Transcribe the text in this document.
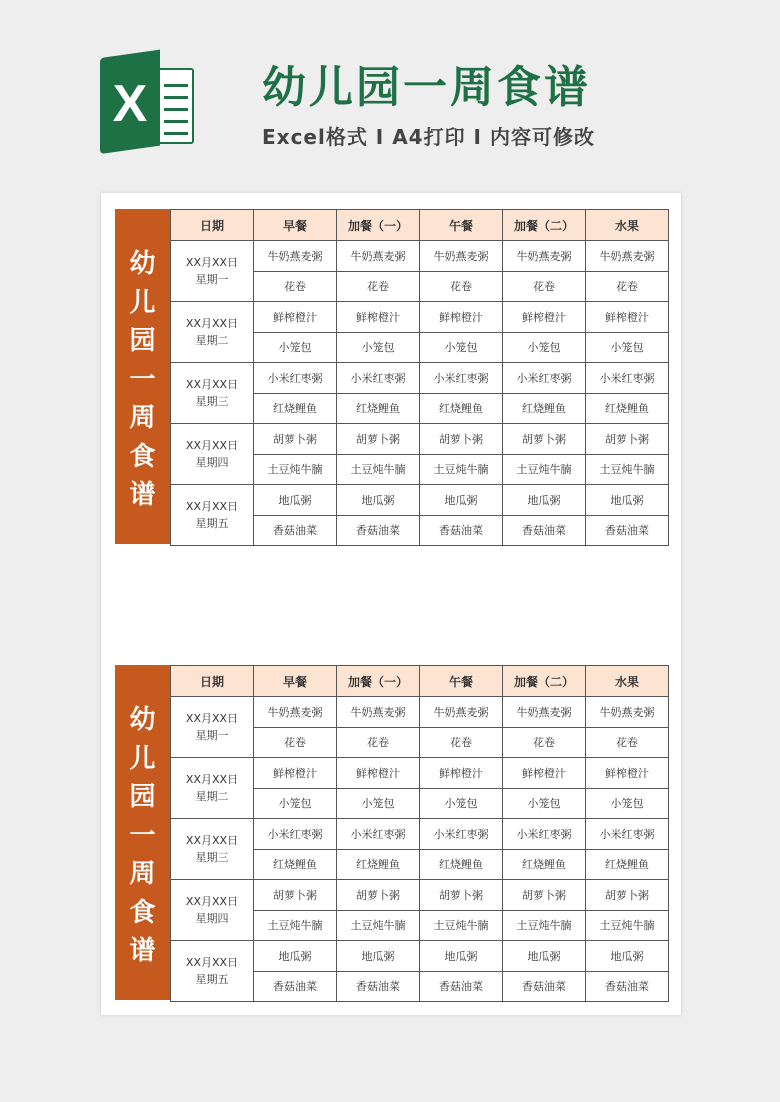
X	幼儿园一周食谱
Excel格式 I A4打印 I 内容可修改
幼
儿
园
一
周
食
谱
日期	早餐	加餐（一）	午餐	加餐（二）	水果

XX月XX日
星期一	牛奶燕麦粥	牛奶燕麦粥	牛奶燕麦粥	牛奶燕麦粥	牛奶燕麦粥
	花卷	花卷	花卷	花卷	花卷

XX月XX日
星期二	鲜榨橙汁	鲜榨橙汁	鲜榨橙汁	鲜榨橙汁	鲜榨橙汁
	小笼包	小笼包	小笼包	小笼包	小笼包

XX月XX日
星期三	小米红枣粥	小米红枣粥	小米红枣粥	小米红枣粥	小米红枣粥
	红烧鲤鱼	红烧鲤鱼	红烧鲤鱼	红烧鲤鱼	红烧鲤鱼

XX月XX日
星期四	胡萝卜粥	胡萝卜粥	胡萝卜粥	胡萝卜粥	胡萝卜粥
	土豆炖牛腩	土豆炖牛腩	土豆炖牛腩	土豆炖牛腩	土豆炖牛腩

XX月XX日
星期五	地瓜粥	地瓜粥	地瓜粥	地瓜粥	地瓜粥
	香菇油菜	香菇油菜	香菇油菜	香菇油菜	香菇油菜
幼
儿
园
一
周
食
谱
日期	早餐	加餐（一）	午餐	加餐（二）	水果

XX月XX日
星期一	牛奶燕麦粥	牛奶燕麦粥	牛奶燕麦粥	牛奶燕麦粥	牛奶燕麦粥
	花卷	花卷	花卷	花卷	花卷

XX月XX日
星期二	鲜榨橙汁	鲜榨橙汁	鲜榨橙汁	鲜榨橙汁	鲜榨橙汁
	小笼包	小笼包	小笼包	小笼包	小笼包

XX月XX日
星期三	小米红枣粥	小米红枣粥	小米红枣粥	小米红枣粥	小米红枣粥
	红烧鲤鱼	红烧鲤鱼	红烧鲤鱼	红烧鲤鱼	红烧鲤鱼

XX月XX日
星期四	胡萝卜粥	胡萝卜粥	胡萝卜粥	胡萝卜粥	胡萝卜粥
	土豆炖牛腩	土豆炖牛腩	土豆炖牛腩	土豆炖牛腩	土豆炖牛腩

XX月XX日
星期五	地瓜粥	地瓜粥	地瓜粥	地瓜粥	地瓜粥
	香菇油菜	香菇油菜	香菇油菜	香菇油菜	香菇油菜
